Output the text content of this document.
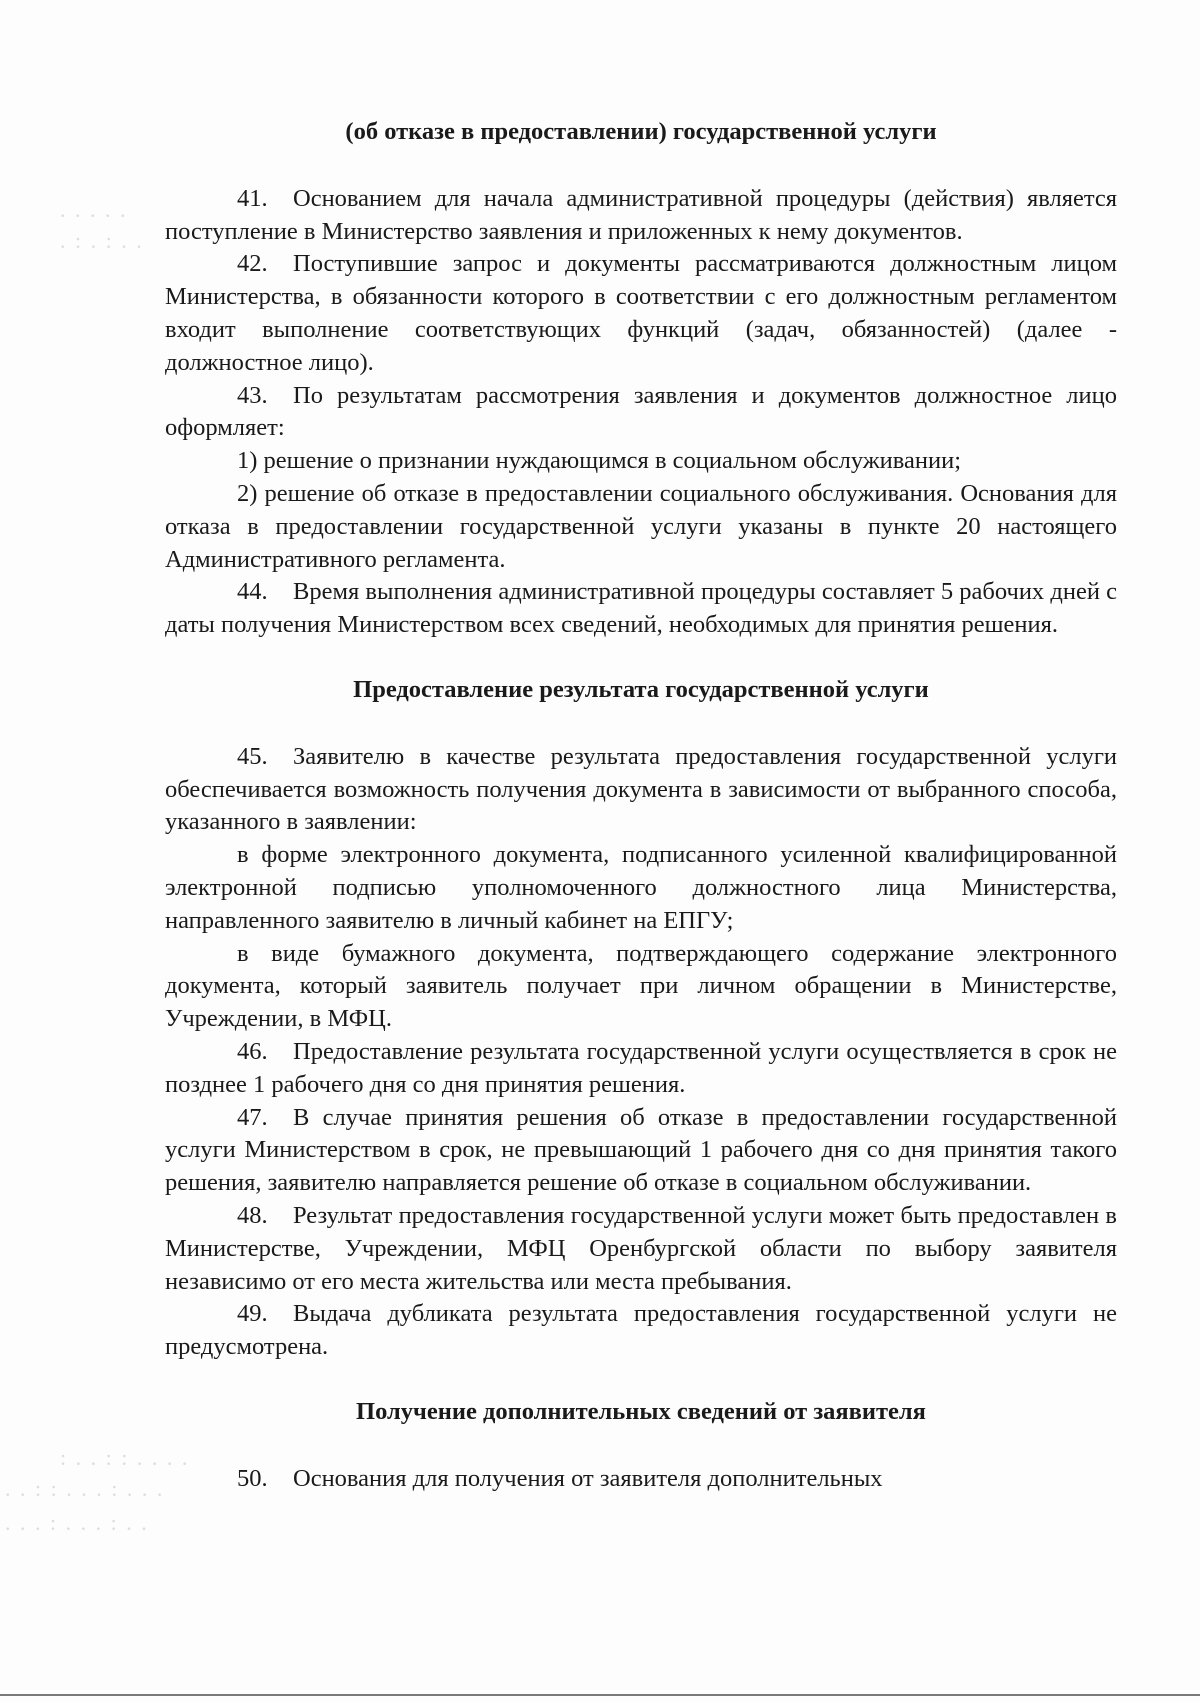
. . . . .
. : . : . .
: . . : : . . . .
. . : : . . . : . . .
. . . : . . . : . .

(об отказе в предоставлении) государственной услуги

41. Основанием для начала административной процедуры (действия) является поступление в Министерство заявления и приложенных к нему документов.

42. Поступившие запрос и документы рассматриваются должностным лицом Министерства, в обязанности которого в соответствии с его должностным регламентом входит выполнение соответствующих функций (задач, обязанностей) (далее - должностное лицо).

43. По результатам рассмотрения заявления и документов должностное лицо оформляет:

1) решение о признании нуждающимся в социальном обслуживании;

2) решение об отказе в предоставлении социального обслуживания. Основания для отказа в предоставлении государственной услуги указаны в пункте 20 настоящего Административного регламента.

44. Время выполнения административной процедуры составляет 5 рабочих дней с даты получения Министерством всех сведений, необходимых для принятия решения.

Предоставление результата государственной услуги

45. Заявителю в качестве результата предоставления государственной услуги обеспечивается возможность получения документа в зависимости от выбранного способа, указанного в заявлении:

в форме электронного документа, подписанного усиленной квалифицированной электронной подписью уполномоченного должностного лица Министерства, направленного заявителю в личный кабинет на ЕПГУ;

в виде бумажного документа, подтверждающего содержание электронного документа, который заявитель получает при личном обращении в Министерстве, Учреждении, в МФЦ.

46. Предоставление результата государственной услуги осуществляется в срок не позднее 1 рабочего дня со дня принятия решения.

47. В случае принятия решения об отказе в предоставлении государственной услуги Министерством в срок, не превышающий 1 рабочего дня со дня принятия такого решения, заявителю направляется решение об отказе в социальном обслуживании.

48. Результат предоставления государственной услуги может быть предоставлен в Министерстве, Учреждении, МФЦ Оренбургской области по выбору заявителя независимо от его места жительства или места пребывания.

49. Выдача дубликата результата предоставления государственной услуги не предусмотрена.

Получение дополнительных сведений от заявителя

50. Основания для получения от заявителя дополнительных
